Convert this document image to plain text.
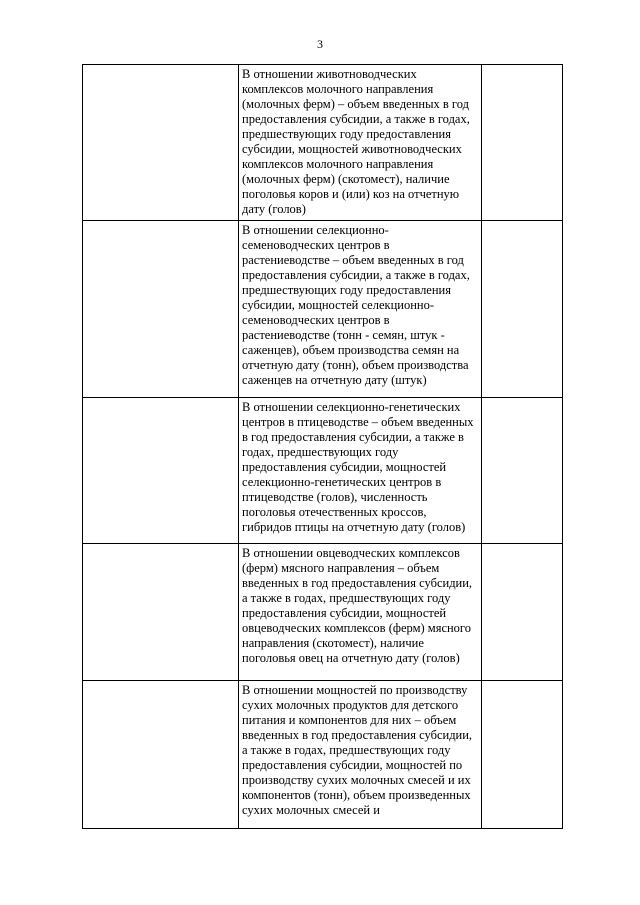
3

	В отношении животноводческих комплексов молочного направления (молочных ферм) – объем введенных в год предоставления субсидии, а также в годах, предшествующих году предоставления субсидии, мощностей животноводческих комплексов молочного направления (молочных ферм) (скотомест), наличие поголовья коров и (или) коз на отчетную дату (голов)	

	В отношении селекционно-семеноводческих центров в растениеводстве – объем введенных в год предоставления субсидии, а также в годах, предшествующих году предоставления субсидии, мощностей селекционно-семеноводческих центров в растениеводстве (тонн - семян, штук - саженцев), объем производства семян на отчетную дату (тонн), объем производства саженцев на отчетную дату (штук)	

	В отношении селекционно-генетических центров в птицеводстве – объем введенных в год предоставления субсидии, а также в годах, предшествующих году предоставления субсидии, мощностей селекционно-генетических центров в птицеводстве (голов), численность поголовья отечественных кроссов, гибридов птицы на отчетную дату (голов)	

	В отношении овцеводческих комплексов (ферм) мясного направления – объем введенных в год предоставления субсидии, а также в годах, предшествующих году предоставления субсидии, мощностей овцеводческих комплексов (ферм) мясного направления (скотомест), наличие поголовья овец на отчетную дату (голов)	

	В отношении мощностей по производству сухих молочных продуктов для детского питания и компонентов для них – объем введенных в год предоставления субсидии, а также в годах, предшествующих году предоставления субсидии, мощностей по производству сухих молочных смесей и их компонентов (тонн), объем произведенных сухих молочных смесей и	
